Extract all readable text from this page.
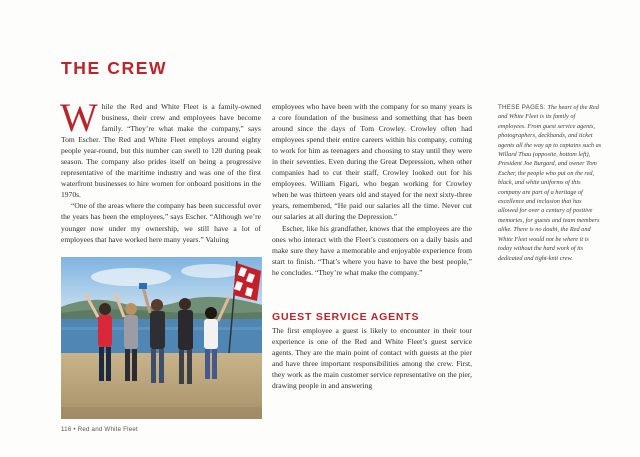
THE CREW

While the Red and White Fleet is a family-owned business, their crew and employees have become family. “They’re what make the company,” says Tom Escher. The Red and White Fleet employs around eighty people year-round, but this number can swell to 120 during peak season. The company also prides itself on being a progressive representative of the maritime industry and was one of the first waterfront businesses to hire women for onboard positions in the 1970s.

“One of the areas where the company has been successful over the years has been the employees,” says Escher. “Although we’re younger now under my ownership, we still have a lot of employees that have worked here many years.” Valuing

employees who have been with the company for so many years is a core foundation of the business and something that has been around since the days of Tom Crowley. Crowley often had employees spend their entire careers within his company, coming to work for him as teenagers and choosing to stay until they were in their seventies. Even during the Great Depression, when other companies had to cut their staff, Crowley looked out for his employees. William Figari, who began working for Crowley when he was thirteen years old and stayed for the next sixty-three years, remembered, “He paid our salaries all the time. Never cut our salaries at all during the Depression.”

Escher, like his grandfather, knows that the employees are the ones who interact with the Fleet’s customers on a daily basis and make sure they have a memorable and enjoyable experience from start to finish. “That’s where you have to have the best people,” he concludes. “They’re what make the company.”

GUEST SERVICE AGENTS

The first employee a guest is likely to encounter in their tour experience is one of the Red and White Fleet’s guest service agents. They are the main point of contact with guests at the pier and have three important responsibilities among the crew. First, they work as the main customer service representative on the pier, drawing people in and answering

THESE PAGES: The heart of the Red and White Fleet is its family of employees. From guest service agents, photographers, deckhands, and ticket agents all the way up to captains such as Willard Thau (opposite, bottom left), President Joe Burgard, and owner Tom Escher, the people who put on the red, black, and white uniforms of this company are part of a heritage of excellence and inclusion that has allowed for over a century of positive memories, for guests and team members alike. There is no doubt, the Red and White Fleet would not be where it is today without the hard work of its dedicated and tight-knit crew.
116 • Red and White Fleet
